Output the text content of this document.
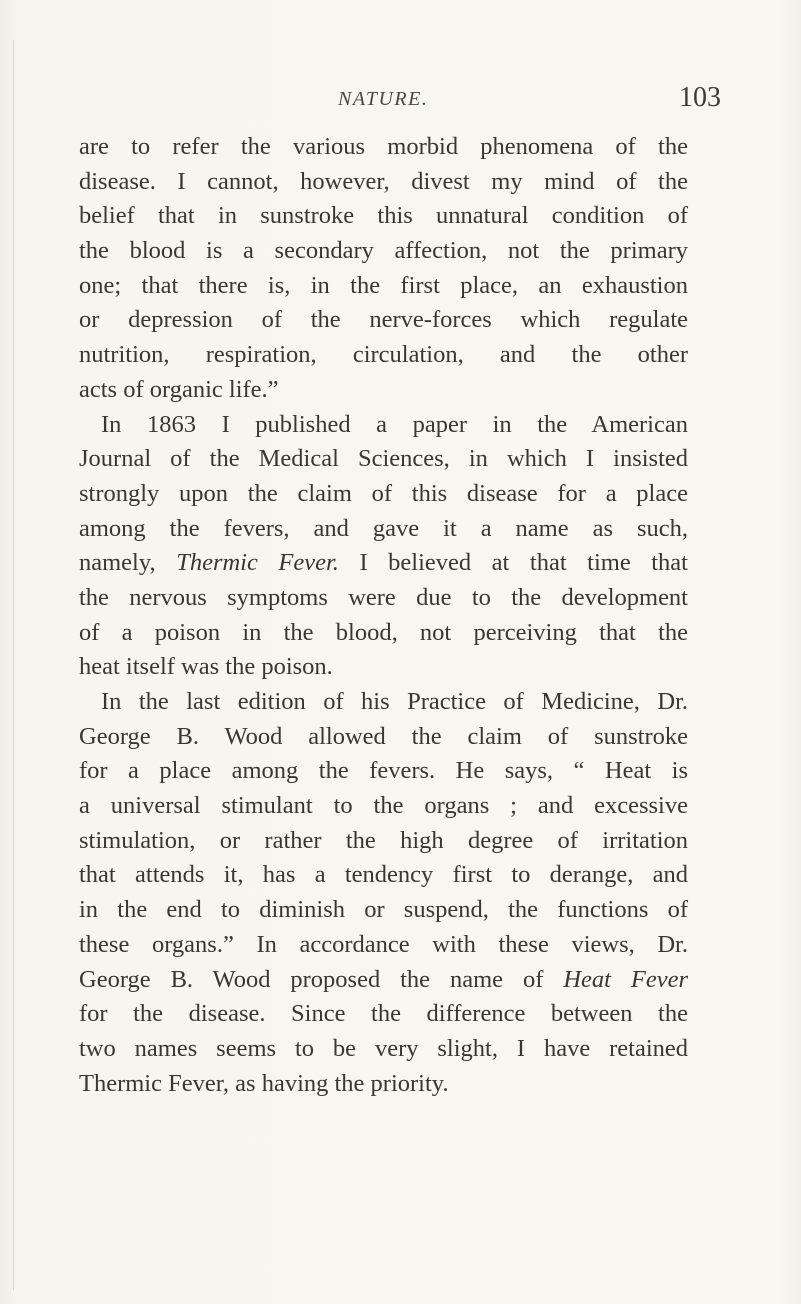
NATURE.	103
are to refer the various morbid phenomena of the
disease. I cannot, however, divest my mind of the
belief that in sunstroke this unnatural condition of
the blood is a secondary affection, not the primary
one; that there is, in the first place, an exhaustion
or depression of the nerve-forces which regulate
nutrition, respiration, circulation, and the other
acts of organic life.”
In 1863 I published a paper in the American
Journal of the Medical Sciences, in which I insisted
strongly upon the claim of this disease for a place
among the fevers, and gave it a name as such,
namely, Thermic Fever. I believed at that time that
the nervous symptoms were due to the development
of a poison in the blood, not perceiving that the
heat itself was the poison.
In the last edition of his Practice of Medicine, Dr.
George B. Wood allowed the claim of sunstroke
for a place among the fevers. He says, “ Heat is
a universal stimulant to the organs ; and excessive
stimulation, or rather the high degree of irritation
that attends it, has a tendency first to derange, and
in the end to diminish or suspend, the functions of
these organs.” In accordance with these views, Dr.
George B. Wood proposed the name of Heat Fever
for the disease. Since the difference between the
two names seems to be very slight, I have retained
Thermic Fever, as having the priority.
